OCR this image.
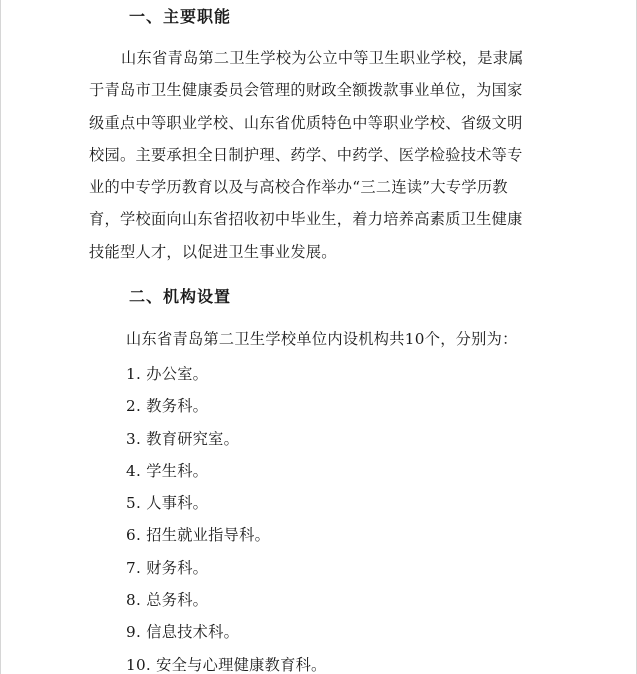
一、主要职能
山东省青岛第二卫生学校为公立中等卫生职业学校，是隶属
于青岛市卫生健康委员会管理的财政全额拨款事业单位，为国家
级重点中等职业学校、山东省优质特色中等职业学校、省级文明
校园。主要承担全日制护理、药学、中药学、医学检验技术等专
业的中专学历教育以及与高校合作举办“三二连读”大专学历教
育，学校面向山东省招收初中毕业生，着力培养高素质卫生健康
技能型人才，以促进卫生事业发展。
二、机构设置
山东省青岛第二卫生学校单位内设机构共10个，分别为：
1. 办公室。
2. 教务科。
3. 教育研究室。
4. 学生科。
5. 人事科。
6. 招生就业指导科。
7. 财务科。
8. 总务科。
9. 信息技术科。
10. 安全与心理健康教育科。
